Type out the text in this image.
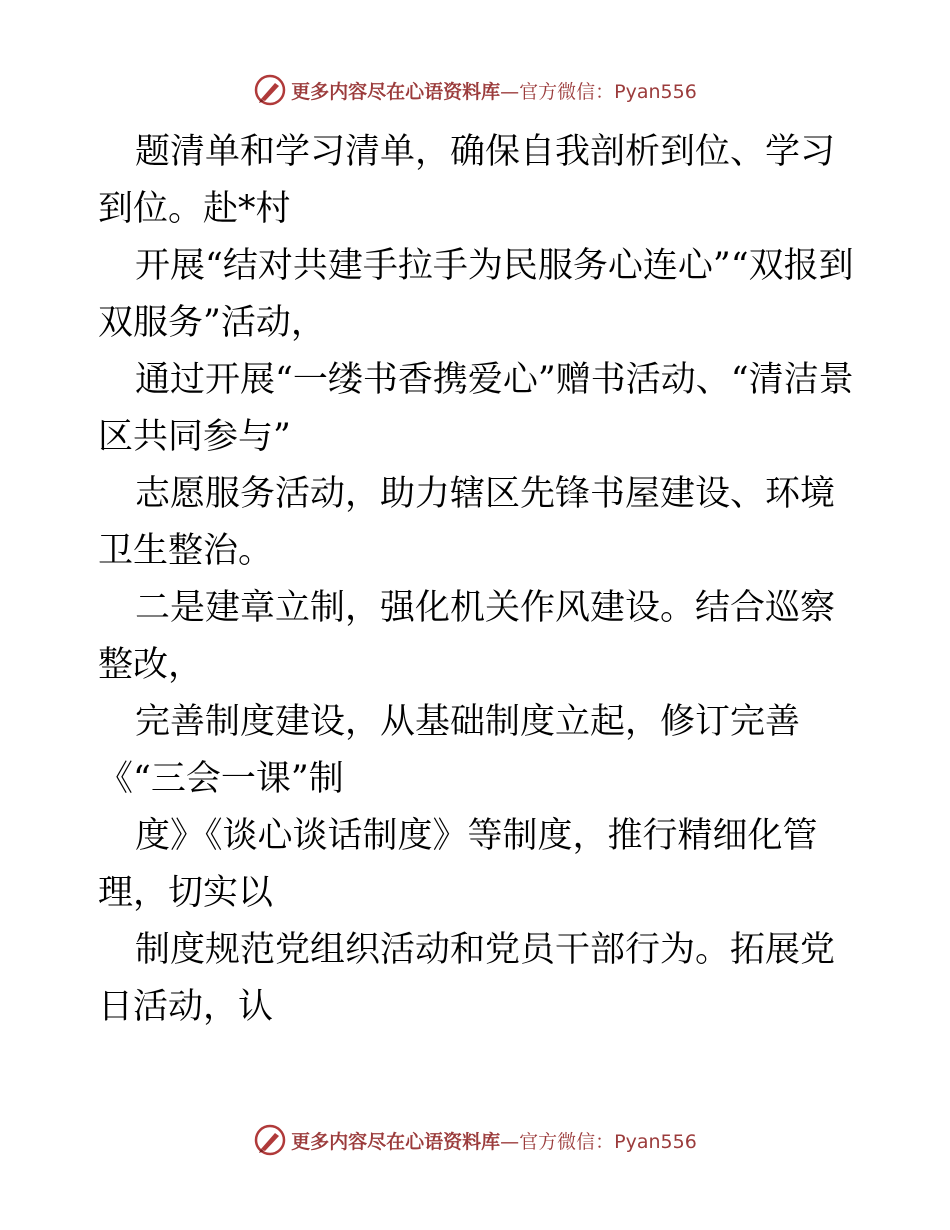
更多内容尽在心语资料库 —官方微信：Pyan556

题清单和学习清单，确保自我剖析到位、学习到位。赴*村

开展“结对共建手拉手为民服务心连心”“双报到双服务”活动，

通过开展“一缕书香携爱心”赠书活动、“清洁景区共同参与”

志愿服务活动，助力辖区先锋书屋建设、环境卫生整治。

二是建章立制，强化机关作风建设。结合巡察整改，

完善制度建设，从基础制度立起，修订完善

《“三会一课”制

度》《谈心谈话制度》等制度，推行精细化管理，切实以

制度规范党组织活动和党员干部行为。拓展党日活动，认

更多内容尽在心语资料库 —官方微信：Pyan556
